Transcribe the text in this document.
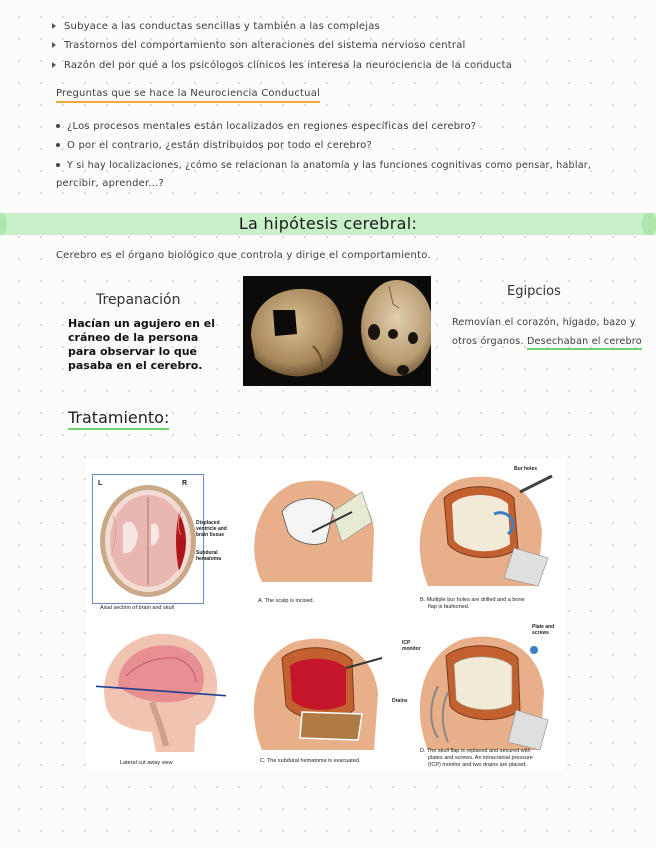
Subyace a las conductas sencillas y también a las complejas
Trastornos del comportamiento son alteraciones del sistema nervioso central
Razón del por qué a los psicólogos clínicos les interesa la neurociencia de la conducta
Preguntas que se hace la Neurociencia Conductual
¿Los procesos mentales están localizados en regiones específicas del cerebro?
O por el contrario, ¿están distribuidos por todo el cerebro?
Y si hay localizaciones, ¿cómo se relacionan la anatomía y las funciones cognitivas como pensar, hablar,
percibir, aprender...?
La hipótesis cerebral:
Cerebro es el órgano biológico que controla y dirige el comportamiento.
Trepanación
Hacían un agujero en el
cráneo de la persona
para observar lo que
pasaba en el cerebro.
Egipcios
Removían el corazón, hígado, bazo y
otros órganos. Desechaban el cerebro
Tratamiento:
L	R
Displaced
ventricle and
brain tissue
Subdural
hematoma
Axial section of brain and skull
A. The scalp is incised.
Bur holes
B. Multiple bur holes are drilled and a bone
flap is fashioned.
Lateral cut away view	C. The subdural hematoma is evacuated.
Plate and
screws
ICP
monitor
Drains
D. The skull flap is replaced and secured with
plates and screws. An intracranial pressure
(ICP) monitor and two drains are placed.
